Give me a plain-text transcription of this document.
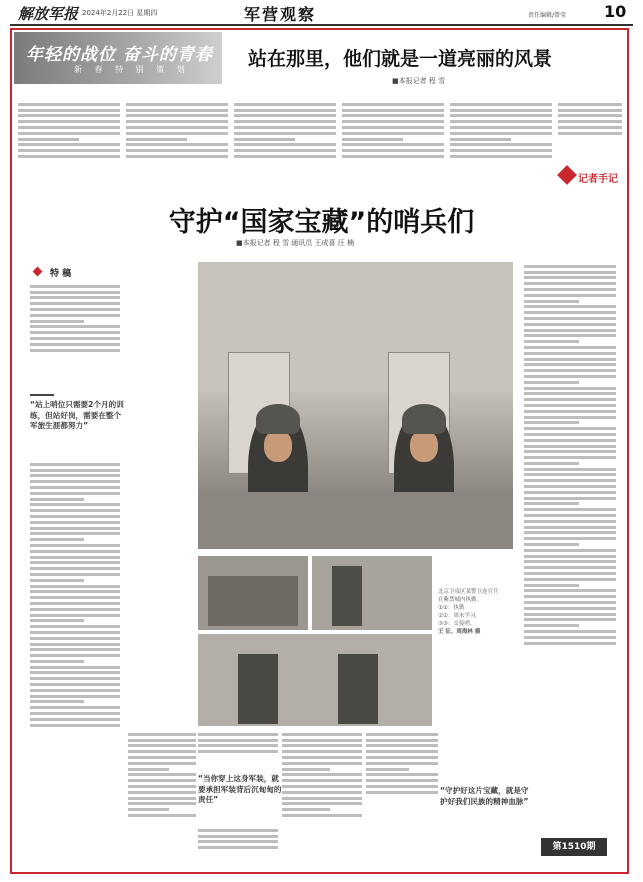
解放军报 2024年2月22日 星期四	军营观察	责任编辑/曾莹 10
年轻的战位 奋斗的青春
新 春 特 别 策 划	站在那里，他们就是一道亮丽的风景
■本报记者 程 雪
记者手记
守护“国家宝藏”的哨兵们
■本报记者 程 雪 通讯员 王成喜 汪 楠
特 稿
“站上哨位只需要2个月的训练，但站好岗，需要在整个军旅生涯都努力”
北京卫戍区某警卫连官兵
在紫禁城内执勤。
①①：执勤
②②：周末学习。
③③：交接哨。
王 征、周海林 摄
“当你穿上这身军装，就要承担军装背后沉甸甸的责任”
“守护好这片宝藏，就是守护好我们民族的精神血脉”
第1510期
